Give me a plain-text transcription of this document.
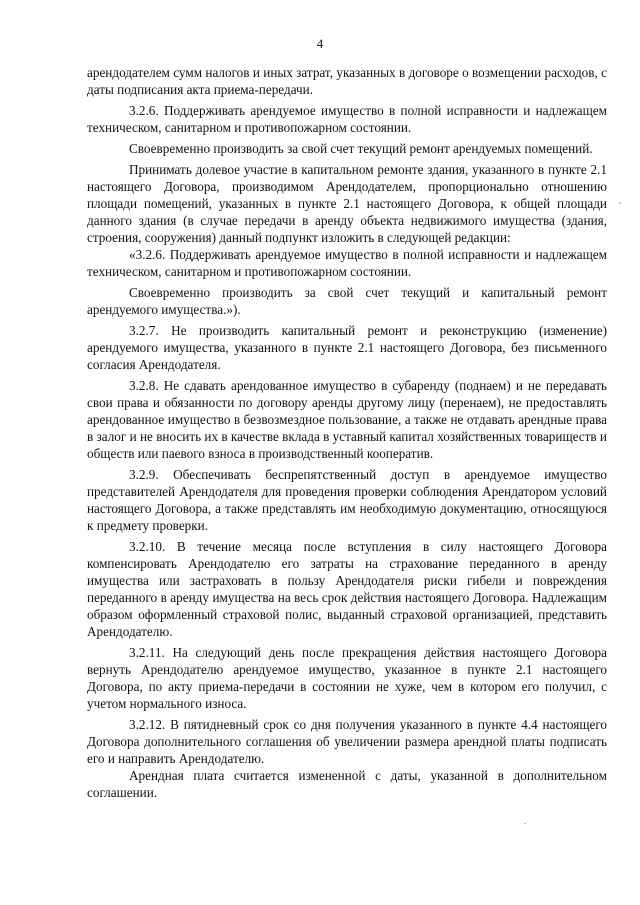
4

арендодателем сумм налогов и иных затрат, указанных в договоре о возмещении расходов, с даты подписания акта приема-передачи.

3.2.6. Поддерживать арендуемое имущество в полной исправности и надлежащем техническом, санитарном и противопожарном состоянии.

Своевременно производить за свой счет текущий ремонт арендуемых помещений.

Принимать долевое участие в капитальном ремонте здания, указанного в пункте 2.1 настоящего Договора, производимом Арендодателем, пропорционально отношению площади помещений, указанных в пункте 2.1 настоящего Договора, к общей площади данного здания (в случае передачи в аренду объекта недвижимого имущества (здания, строения, сооружения) данный подпункт изложить в следующей редакции:

«3.2.6. Поддерживать арендуемое имущество в полной исправности и надлежащем техническом, санитарном и противопожарном состоянии.

Своевременно производить за свой счет текущий и капитальный ремонт арендуемого имущества.»).

3.2.7. Не производить капитальный ремонт и реконструкцию (изменение) арендуемого имущества, указанного в пункте 2.1 настоящего Договора, без письменного согласия Арендодателя.

3.2.8. Не сдавать арендованное имущество в субаренду (поднаем) и не передавать свои права и обязанности по договору аренды другому лицу (перенаем), не предоставлять арендованное имущество в безвозмездное пользование, а также не отдавать арендные права в залог и не вносить их в качестве вклада в уставный капитал хозяйственных товариществ и обществ или паевого взноса в производственный кооператив.

3.2.9. Обеспечивать беспрепятственный доступ в арендуемое имущество представителей Арендодателя для проведения проверки соблюдения Арендатором условий настоящего Договора, а также представлять им необходимую документацию, относящуюся к предмету проверки.

3.2.10. В течение месяца после вступления в силу настоящего Договора компенсировать Арендодателю его затраты на страхование переданного в аренду имущества или застраховать в пользу Арендодателя риски гибели и повреждения переданного в аренду имущества на весь срок действия настоящего Договора. Надлежащим образом оформленный страховой полис, выданный страховой организацией, представить Арендодателю.

3.2.11. На следующий день после прекращения действия настоящего Договора вернуть Арендодателю арендуемое имущество, указанное в пункте 2.1 настоящего Договора, по акту приема-передачи в состоянии не хуже, чем в котором его получил, с учетом нормального износа.

3.2.12. В пятидневный срок со дня получения указанного в пункте 4.4 настоящего Договора дополнительного соглашения об увеличении размера арендной платы подписать его и направить Арендодателю.

Арендная плата считается измененной с даты, указанной в дополнительном соглашении.

,
.
